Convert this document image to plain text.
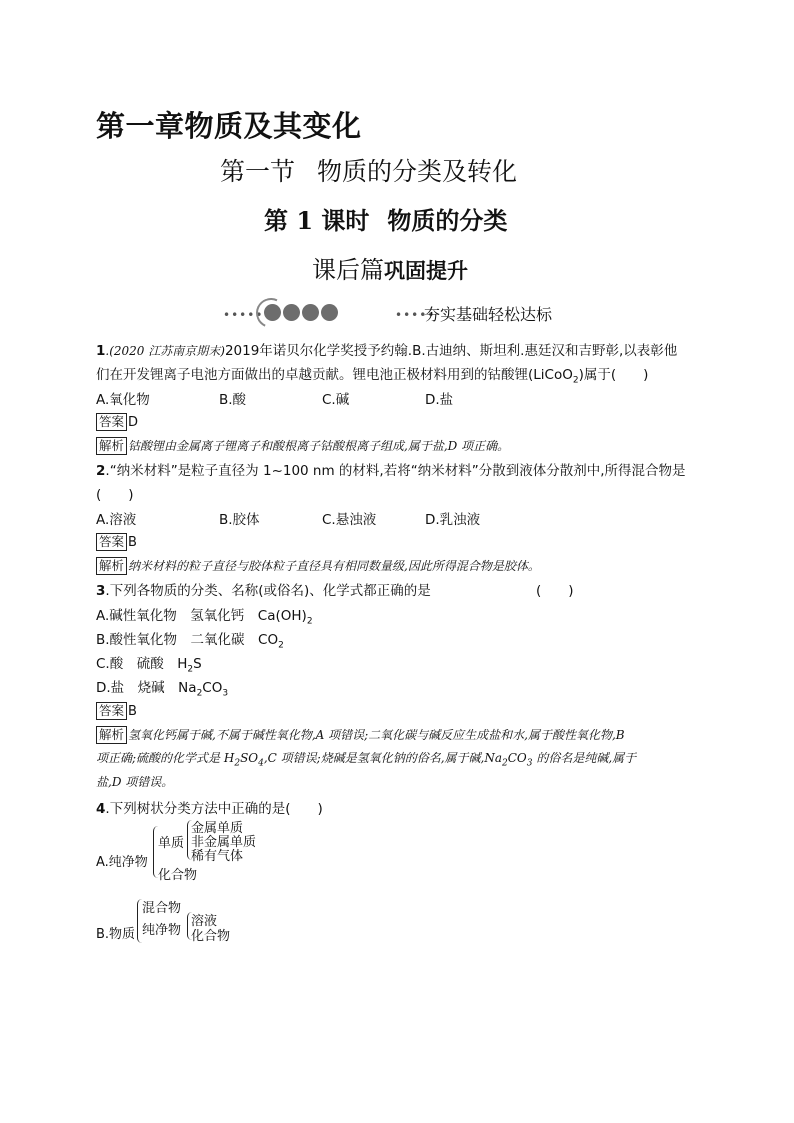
第一章物质及其变化
第一节 物质的分类及转化
第 1 课时 物质的分类
课后篇巩固提升
•••••	•••••
夯实基础轻松达标
1.(2020 江苏南京期末)2019年诺贝尔化学奖授予约翰.B.古迪纳、斯坦利.惠廷汉和吉野彰,以表彰他
们在开发锂离子电池方面做出的卓越贡献。锂电池正极材料用到的钴酸锂(LiCoO$_2$)属于(　　)
A.氧化物	B.酸	C.碱	D.盐
答案 D
解析 钴酸锂由金属离子锂离子和酸根离子钴酸根离子组成,属于盐,D 项正确。
2.“纳米材料”是粒子直径为 1~100 nm 的材料,若将“纳米材料”分散到液体分散剂中,所得混合物是
(　　)
A.溶液	B.胶体	C.悬浊液	D.乳浊液
答案 B
解析 纳米材料的粒子直径与胶体粒子直径具有相同数量级,因此所得混合物是胶体。
3.下列各物质的分类、名称(或俗名)、化学式都正确的是	(　　)
A.碱性氧化物　氢氧化钙　$Ca(OH)_2$
B.酸性氧化物　二氧化碳　$CO_2$
C.酸　硫酸　$H_2S$
D.盐　烧碱　$Na_2CO_3$
答案 B
解析 氢氧化钙属于碱,不属于碱性氧化物,A 项错误;二氧化碳与碱反应生成盐和水,属于酸性氧化物,B
项正确;硫酸的化学式是 $H_2SO_4,C$ 项错误;烧碱是氢氧化钠的俗名,属于碱$,Na_2CO_3$ 的俗名是纯碱,属于
盐,D 项错误。
4.下列树状分类方法中正确的是(　　)
A.纯净物
单质
金属单质
非金属单质
稀有气体
化合物
B.物质
混合物
纯净物
溶液
化合物
